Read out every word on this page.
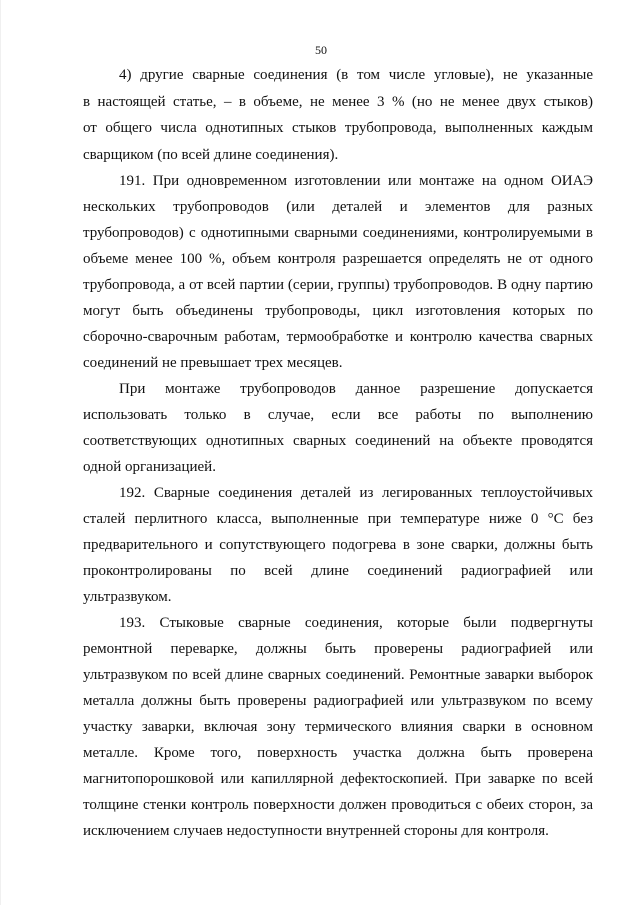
50
4) другие сварные соединения (в том числе угловые), не указанные
в настоящей статье, – в объеме, не менее 3 % (но не менее двух стыков)
от общего числа однотипных стыков трубопровода, выполненных каждым
сварщиком (по всей длине соединения).
191. При одновременном изготовлении или монтаже на одном ОИАЭ
нескольких трубопроводов (или деталей и элементов для разных
трубопроводов) с однотипными сварными соединениями, контролируемыми в
объеме менее 100 %, объем контроля разрешается определять не от одного
трубопровода, а от всей партии (серии, группы) трубопроводов. В одну партию
могут быть объединены трубопроводы, цикл изготовления которых по
сборочно-сварочным работам, термообработке и контролю качества сварных
соединений не превышает трех месяцев.
При монтаже трубопроводов данное разрешение допускается
использовать только в случае, если все работы по выполнению
соответствующих однотипных сварных соединений на объекте проводятся
одной организацией.
192. Сварные соединения деталей из легированных теплоустойчивых
сталей перлитного класса, выполненные при температуре ниже 0 °С без
предварительного и сопутствующего подогрева в зоне сварки, должны быть
проконтролированы по всей длине соединений радиографией или
ультразвуком.
193. Стыковые сварные соединения, которые были подвергнуты
ремонтной переварке, должны быть проверены радиографией или
ультразвуком по всей длине сварных соединений. Ремонтные заварки выборок
металла должны быть проверены радиографией или ультразвуком по всему
участку заварки, включая зону термического влияния сварки в основном
металле. Кроме того, поверхность участка должна быть проверена
магнитопорошковой или капиллярной дефектоскопией. При заварке по всей
толщине стенки контроль поверхности должен проводиться с обеих сторон, за
исключением случаев недоступности внутренней стороны для контроля.
